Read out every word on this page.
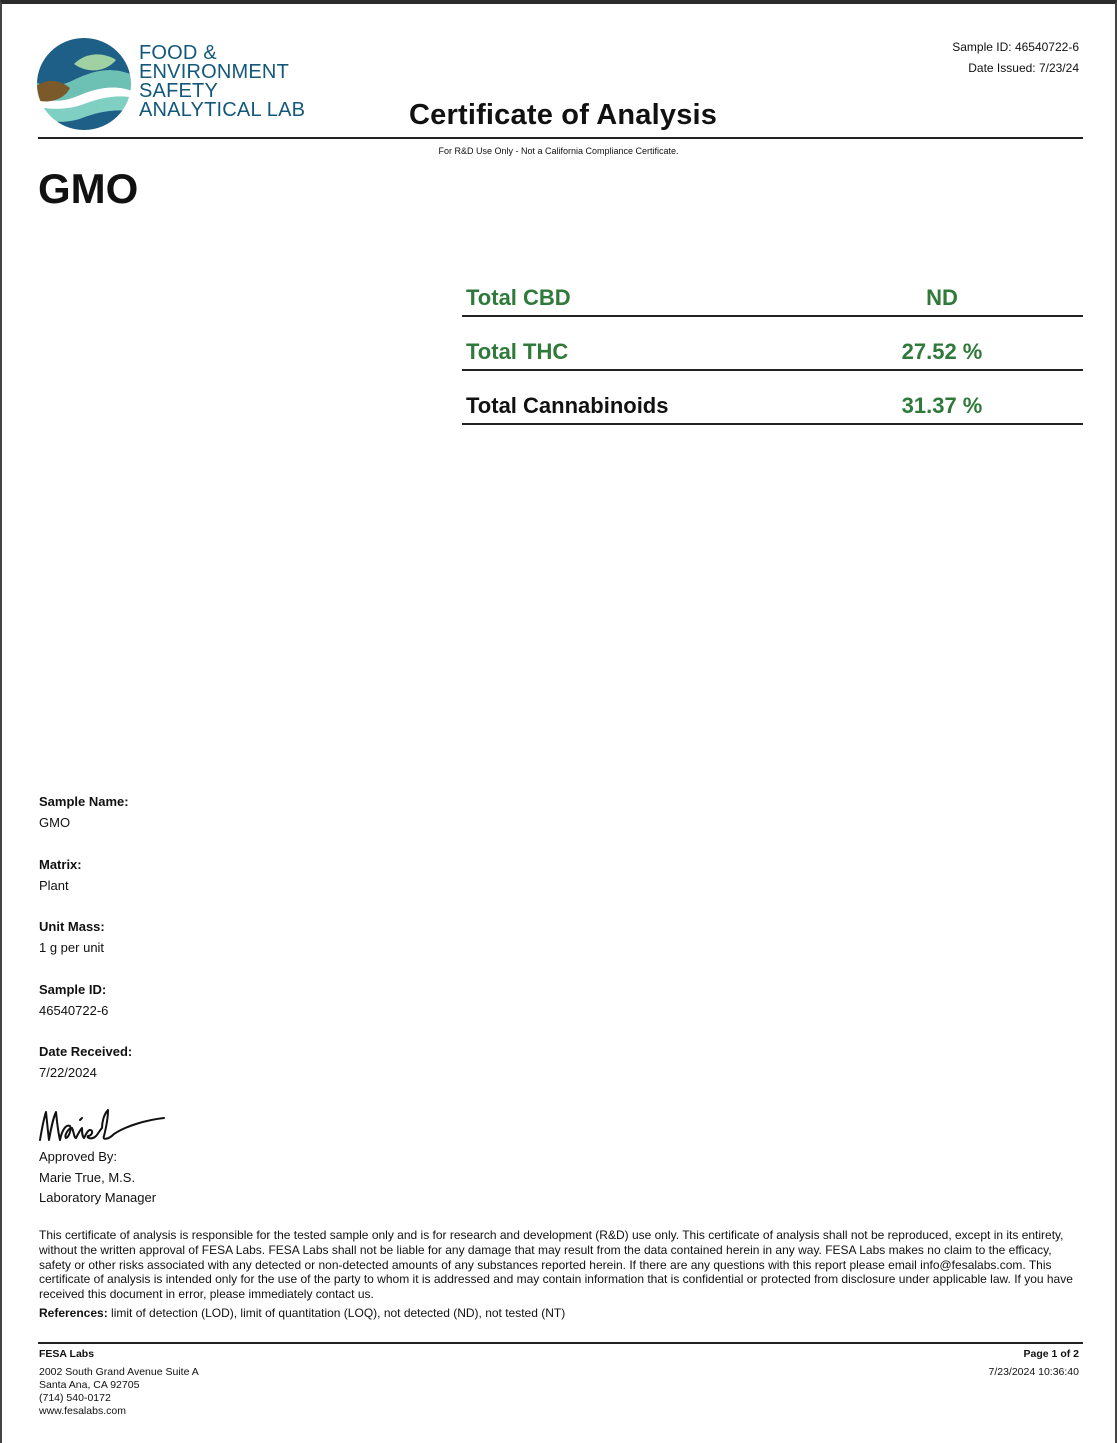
FOOD &
ENVIRONMENT
SAFETY
ANALYTICAL LAB
Sample ID: 46540722-6
Date Issued: 7/23/24
Certificate of Analysis
For R&D Use Only - Not a California Compliance Certificate.
GMO
Total CBD	ND
Total THC	27.52 %
Total Cannabinoids	31.37 %
Sample Name:
GMO
Matrix:
Plant
Unit Mass:
1 g per unit
Sample ID:
46540722-6
Date Received:
7/22/2024
Approved By:
Marie True, M.S.
Laboratory Manager
This certificate of analysis is responsible for the tested sample only and is for research and development (R&D) use only. This certificate of analysis shall not be reproduced, except in its entirety, without the written approval of FESA Labs. FESA Labs shall not be liable for any damage that may result from the data contained herein in any way. FESA Labs makes no claim to the efficacy, safety or other risks associated with any detected or non-detected amounts of any substances reported herein. If there are any questions with this report please email info@fesalabs.com. This certificate of analysis is intended only for the use of the party to whom it is addressed and may contain information that is confidential or protected from disclosure under applicable law. If you have received this document in error, please immediately contact us.
References: limit of detection (LOD), limit of quantitation (LOQ), not detected (ND), not tested (NT)
FESA Labs
2002 South Grand Avenue Suite A
Santa Ana, CA 92705
(714) 540-0172
www.fesalabs.com
Page 1 of 2
7/23/2024 10:36:40
